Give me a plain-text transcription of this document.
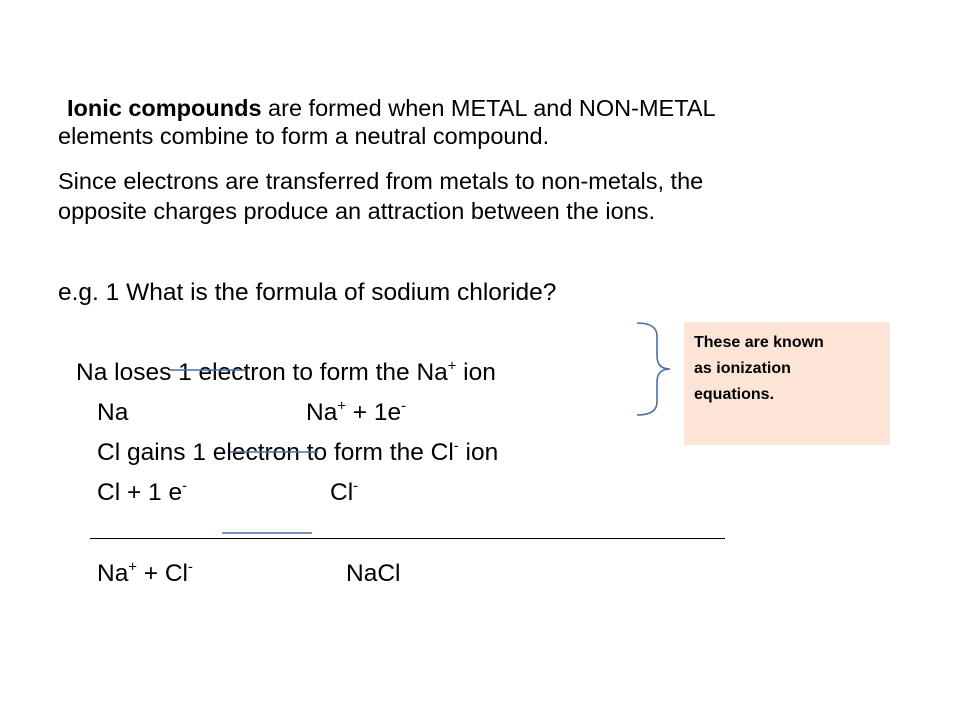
Ionic compounds are formed when METAL and NON-METAL
elements combine to form a neutral compound.
Since electrons are transferred from metals to non-metals, the
opposite charges produce an attraction between the ions.
e.g. 1 What is the formula of sodium chloride?
Na loses 1 electron to form the Na+ ion
Na	Na+ + 1e-
Cl gains 1 electron to form the Cl- ion
Cl + 1 e-	Cl-
Na+ + Cl-	NaCl
These are known
as ionization
equations.
